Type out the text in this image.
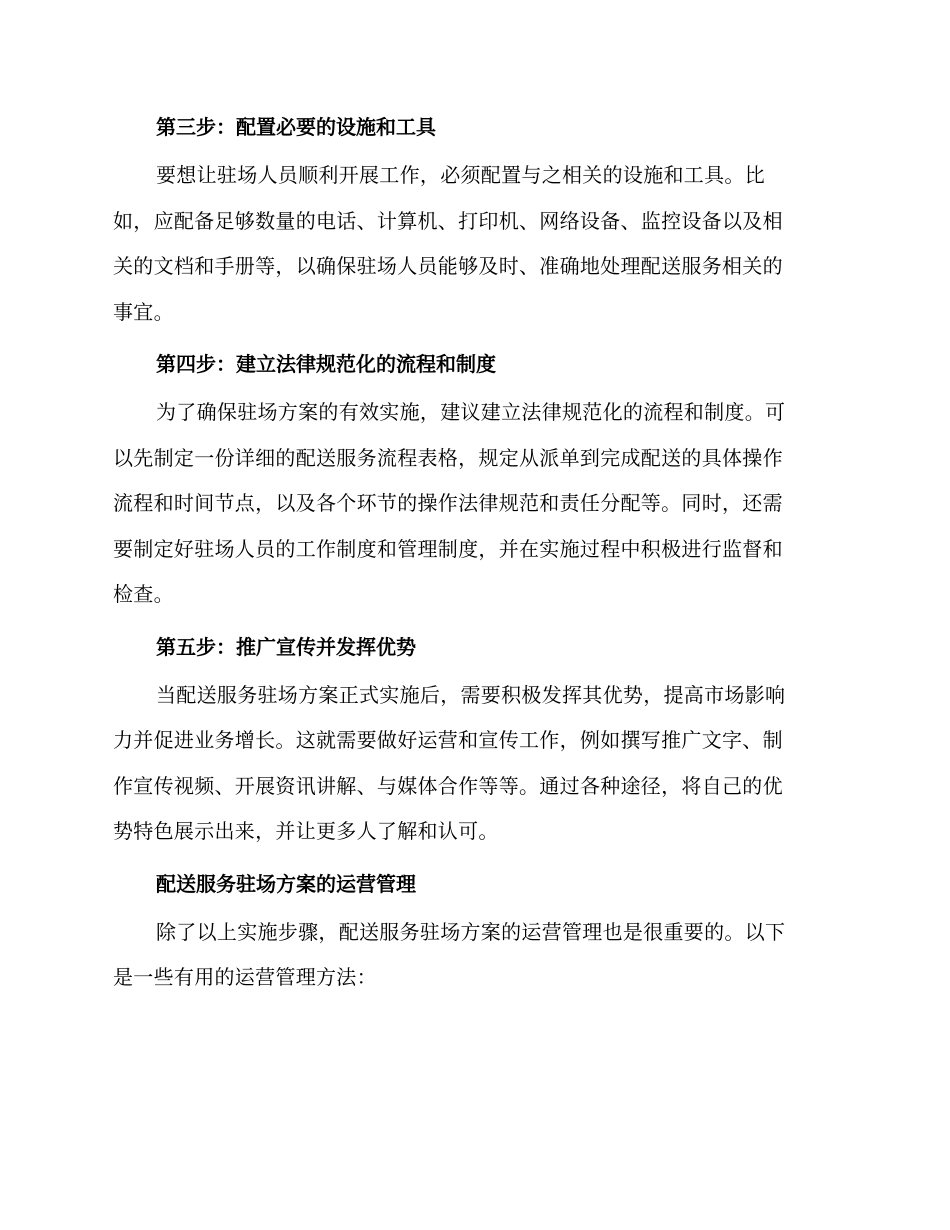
第三步：配置必要的设施和工具
要想让驻场人员顺利开展工作，必须配置与之相关的设施和工具。比
如，应配备足够数量的电话、计算机、打印机、网络设备、监控设备以及相
关的文档和手册等，以确保驻场人员能够及时、准确地处理配送服务相关的
事宜。
第四步：建立法律规范化的流程和制度
为了确保驻场方案的有效实施，建议建立法律规范化的流程和制度。可
以先制定一份详细的配送服务流程表格，规定从派单到完成配送的具体操作
流程和时间节点，以及各个环节的操作法律规范和责任分配等。同时，还需
要制定好驻场人员的工作制度和管理制度，并在实施过程中积极进行监督和
检查。
第五步：推广宣传并发挥优势
当配送服务驻场方案正式实施后，需要积极发挥其优势，提高市场影响
力并促进业务增长。这就需要做好运营和宣传工作，例如撰写推广文字、制
作宣传视频、开展资讯讲解、与媒体合作等等。通过各种途径，将自己的优
势特色展示出来，并让更多人了解和认可。
配送服务驻场方案的运营管理
除了以上实施步骤，配送服务驻场方案的运营管理也是很重要的。以下
是一些有用的运营管理方法：
